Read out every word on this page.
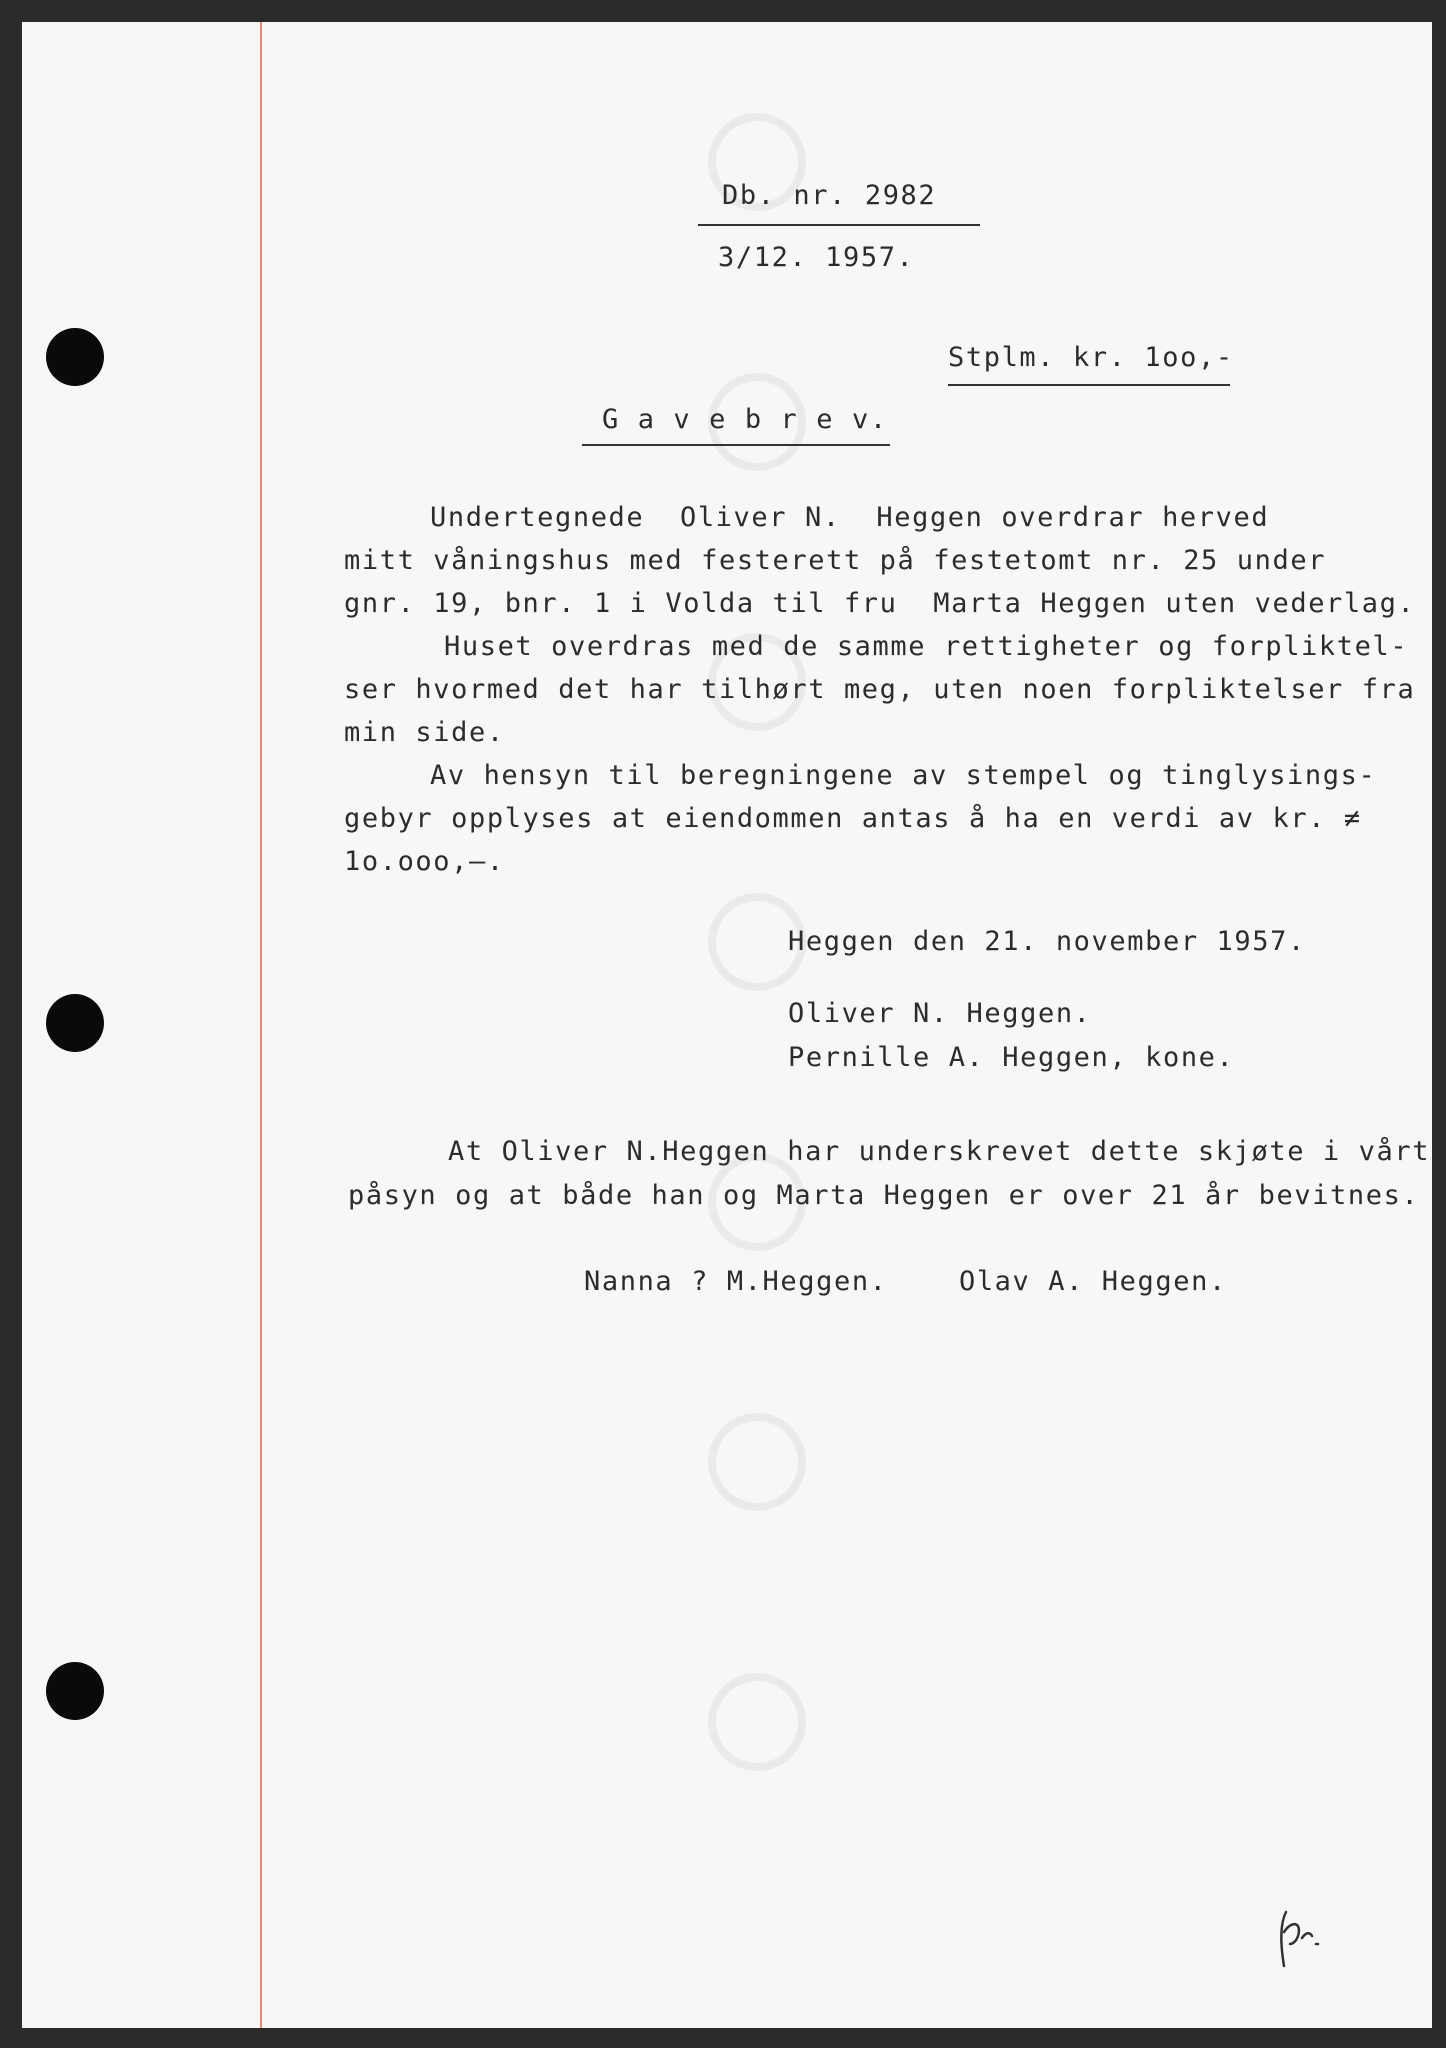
Db. nr. 2982
3/12. 1957.
Stplm. kr. 1oo,-
G a v e b r e v.
Undertegnede  Oliver N.  Heggen overdrar herved
mitt våningshus med festerett på festetomt nr. 25 under
gnr. 19, bnr. 1 i Volda til fru  Marta Heggen uten vederlag.
Huset overdras med de samme rettigheter og forpliktel-
ser hvormed det har tilhørt meg, uten noen forpliktelser fra
min side.
Av hensyn til beregningene av stempel og tinglysings-
gebyr opplyses at eiendommen antas å ha en verdi av kr. ≠
1o.ooo,‒.
Heggen den 21. november 1957.
Oliver N. Heggen.
Pernille A. Heggen, kone.
At Oliver N.Heggen har underskrevet dette skjøte i vårt
påsyn og at både han og Marta Heggen er over 21 år bevitnes.
Nanna ? M.Heggen.    Olav A. Heggen.
